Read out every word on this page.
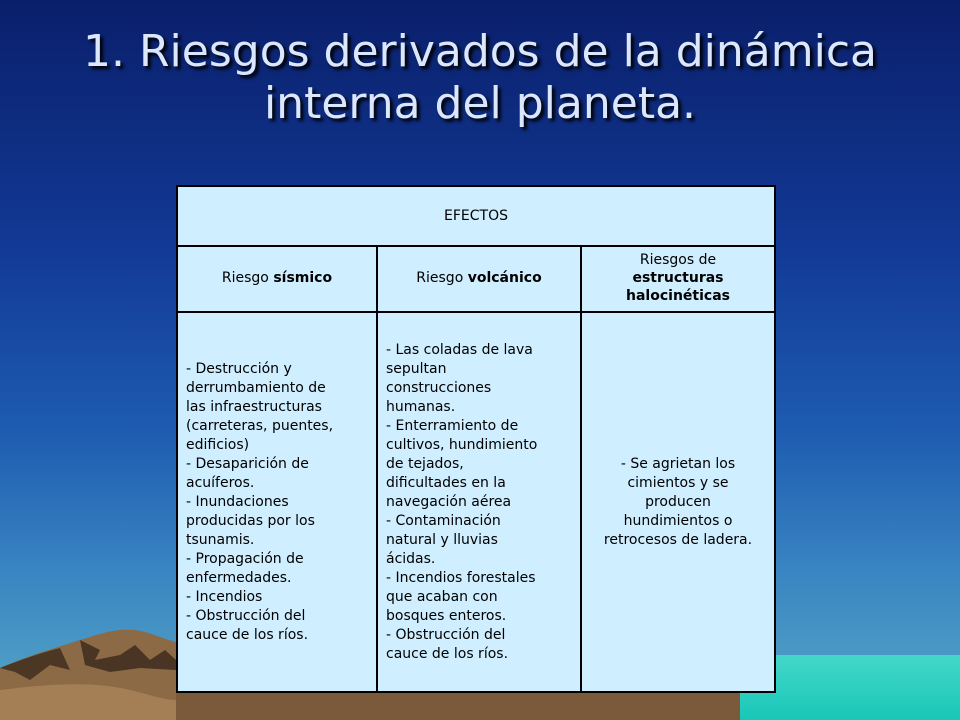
1. Riesgos derivados de la dinámica interna del planeta.
EFECTOS
Riesgo sísmico
- Destrucción y
derrumbamiento de
las infraestructuras
(carreteras, puentes,
edificios)
- Desaparición de
acuíferos.
- Inundaciones
producidas por los
tsunamis.
- Propagación de
enfermedades.
- Incendios
- Obstrucción del
cauce de los ríos.
Riesgo volcánico
- Las coladas de lava
sepultan
construcciones
humanas.
- Enterramiento de
cultivos, hundimiento
de tejados,
dificultades en la
navegación aérea
- Contaminación
natural y lluvias
ácidas.
- Incendios forestales
que acaban con
bosques enteros.
- Obstrucción del
cauce de los ríos.
Riesgos de
estructuras halocinéticas
- Se agrietan los
cimientos y se
producen
hundimientos o
retrocesos de ladera.
